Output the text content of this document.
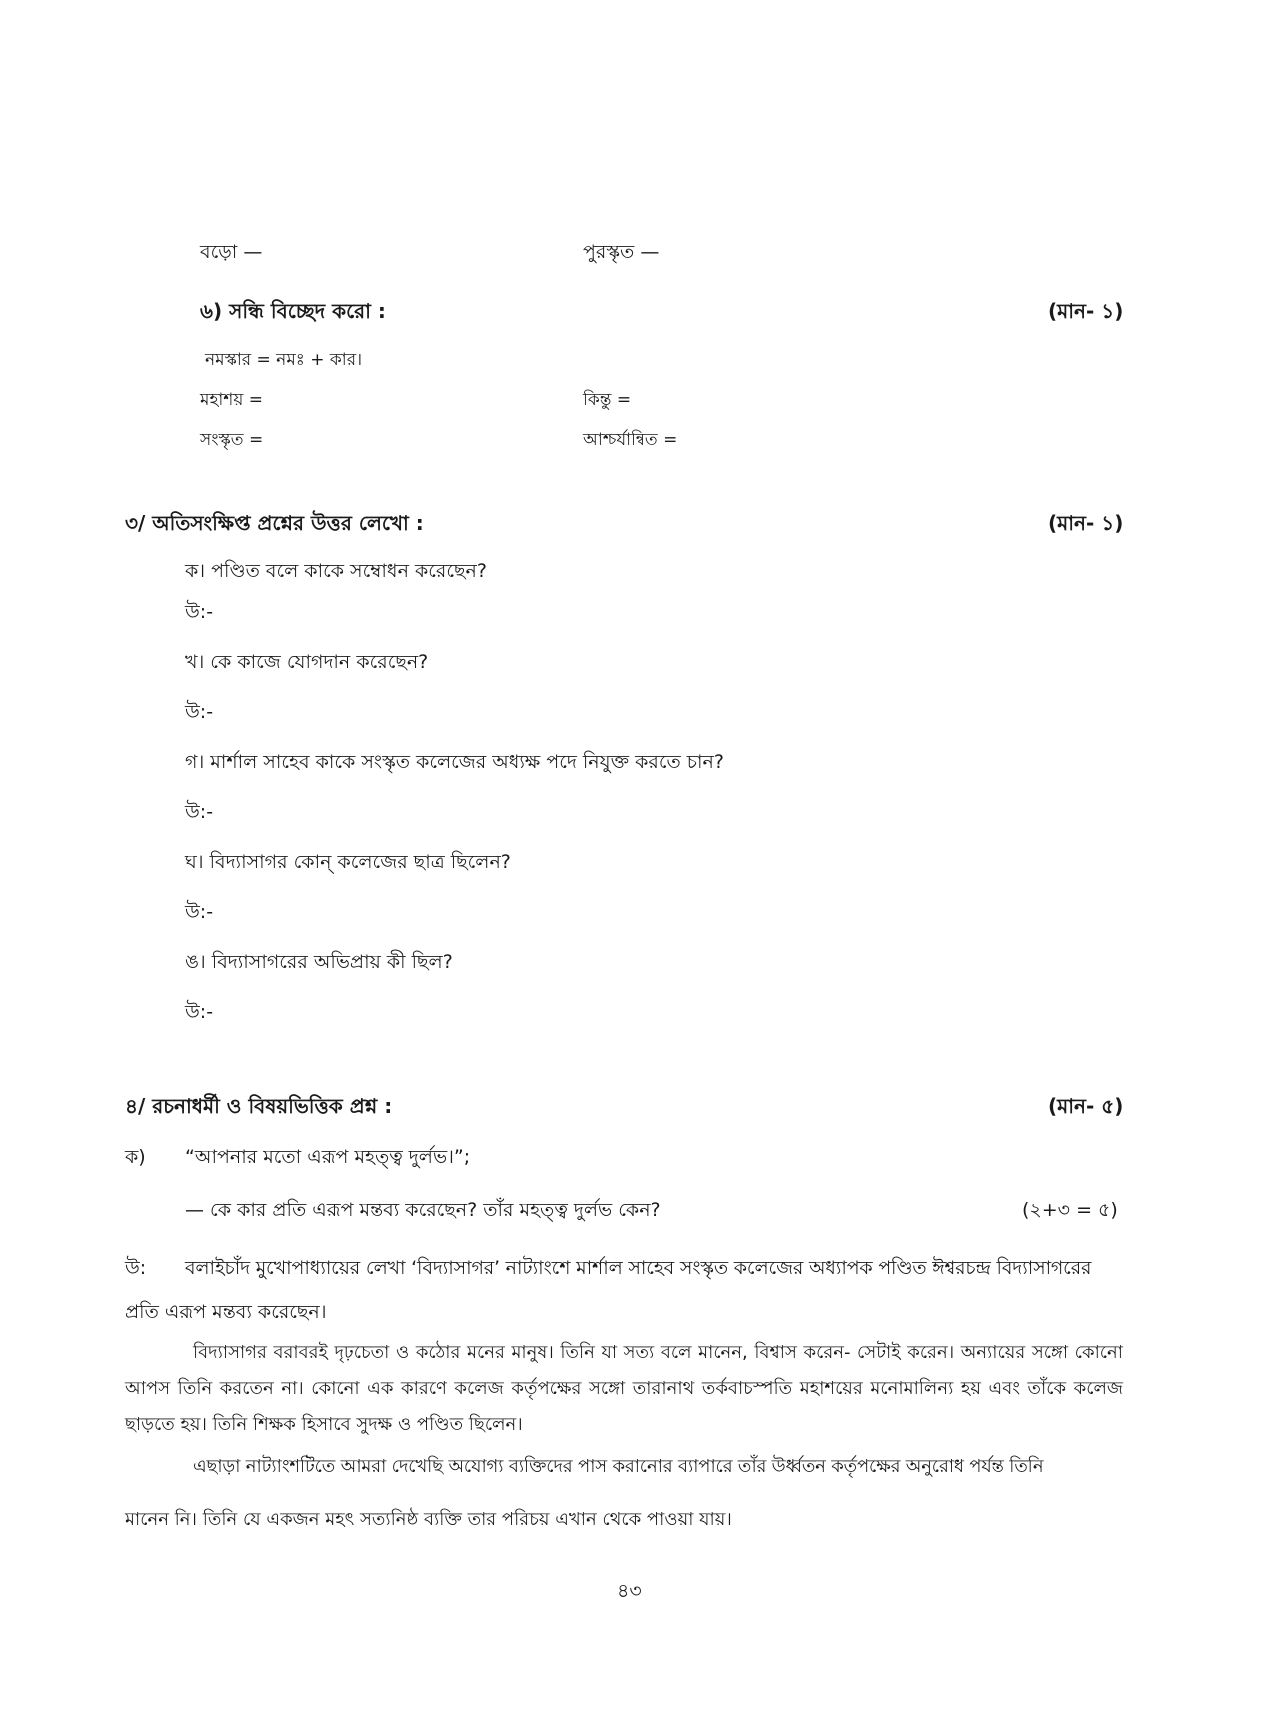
বড়ো —	পুরস্কৃত —
৬) সন্ধি বিচ্ছেদ করো :	(মান- ১)
নমস্কার = নমঃ + কার।
মহাশয় =	কিন্তু =
সংস্কৃত =	আশ্চর্যান্বিত =
৩/ অতিসংক্ষিপ্ত প্রশ্নের উত্তর লেখো :	(মান- ১)
ক। পণ্ডিত বলে কাকে সম্বোধন করেছেন?
উ:-
খ। কে কাজে যোগদান করেছেন?
উ:-
গ। মার্শাল সাহেব কাকে সংস্কৃত কলেজের অধ্যক্ষ পদে নিযুক্ত করতে চান?
উ:-
ঘ। বিদ্যাসাগর কোন্ কলেজের ছাত্র ছিলেন?
উ:-
ঙ। বিদ্যাসাগরের অভিপ্রায় কী ছিল?
উ:-
৪/ রচনাধর্মী ও বিষয়ভিত্তিক প্রশ্ন :	(মান- ৫)
ক) “আপনার মতো এরূপ মহত্ত্ব দুর্লভ।”;
— কে কার প্রতি এরূপ মন্তব্য করেছেন? তাঁর মহত্ত্ব দুর্লভ কেন?	(২+৩ = ৫)
উ: বলাইচাঁদ মুখোপাধ্যায়ের লেখা ‘বিদ্যাসাগর’ নাট্যাংশে মার্শাল সাহেব সংস্কৃত কলেজের অধ্যাপক পণ্ডিত ঈশ্বরচন্দ্র বিদ্যাসাগরের
প্রতি এরূপ মন্তব্য করেছেন।
বিদ্যাসাগর বরাবরই দৃঢ়চেতা ও কঠোর মনের মানুষ। তিনি যা সত্য বলে মানেন, বিশ্বাস করেন- সেটাই করেন। অন্যায়ের সঙ্গো কোনো আপস তিনি করতেন না। কোনো এক কারণে কলেজ কর্তৃপক্ষের সঙ্গো তারানাথ তর্কবাচস্পতি মহাশয়ের মনোমালিন্য হয় এবং তাঁকে কলেজ ছাড়তে হয়। তিনি শিক্ষক হিসাবে সুদক্ষ ও পণ্ডিত ছিলেন।
এছাড়া নাট্যাংশটিতে আমরা দেখেছি অযোগ্য ব্যক্তিদের পাস করানোর ব্যাপারে তাঁর উর্ধ্বতন কর্তৃপক্ষের অনুরোধ পর্যন্ত তিনি
মানেন নি। তিনি যে একজন মহৎ সত্যনিষ্ঠ ব্যক্তি তার পরিচয় এখান থেকে পাওয়া যায়।
৪৩
